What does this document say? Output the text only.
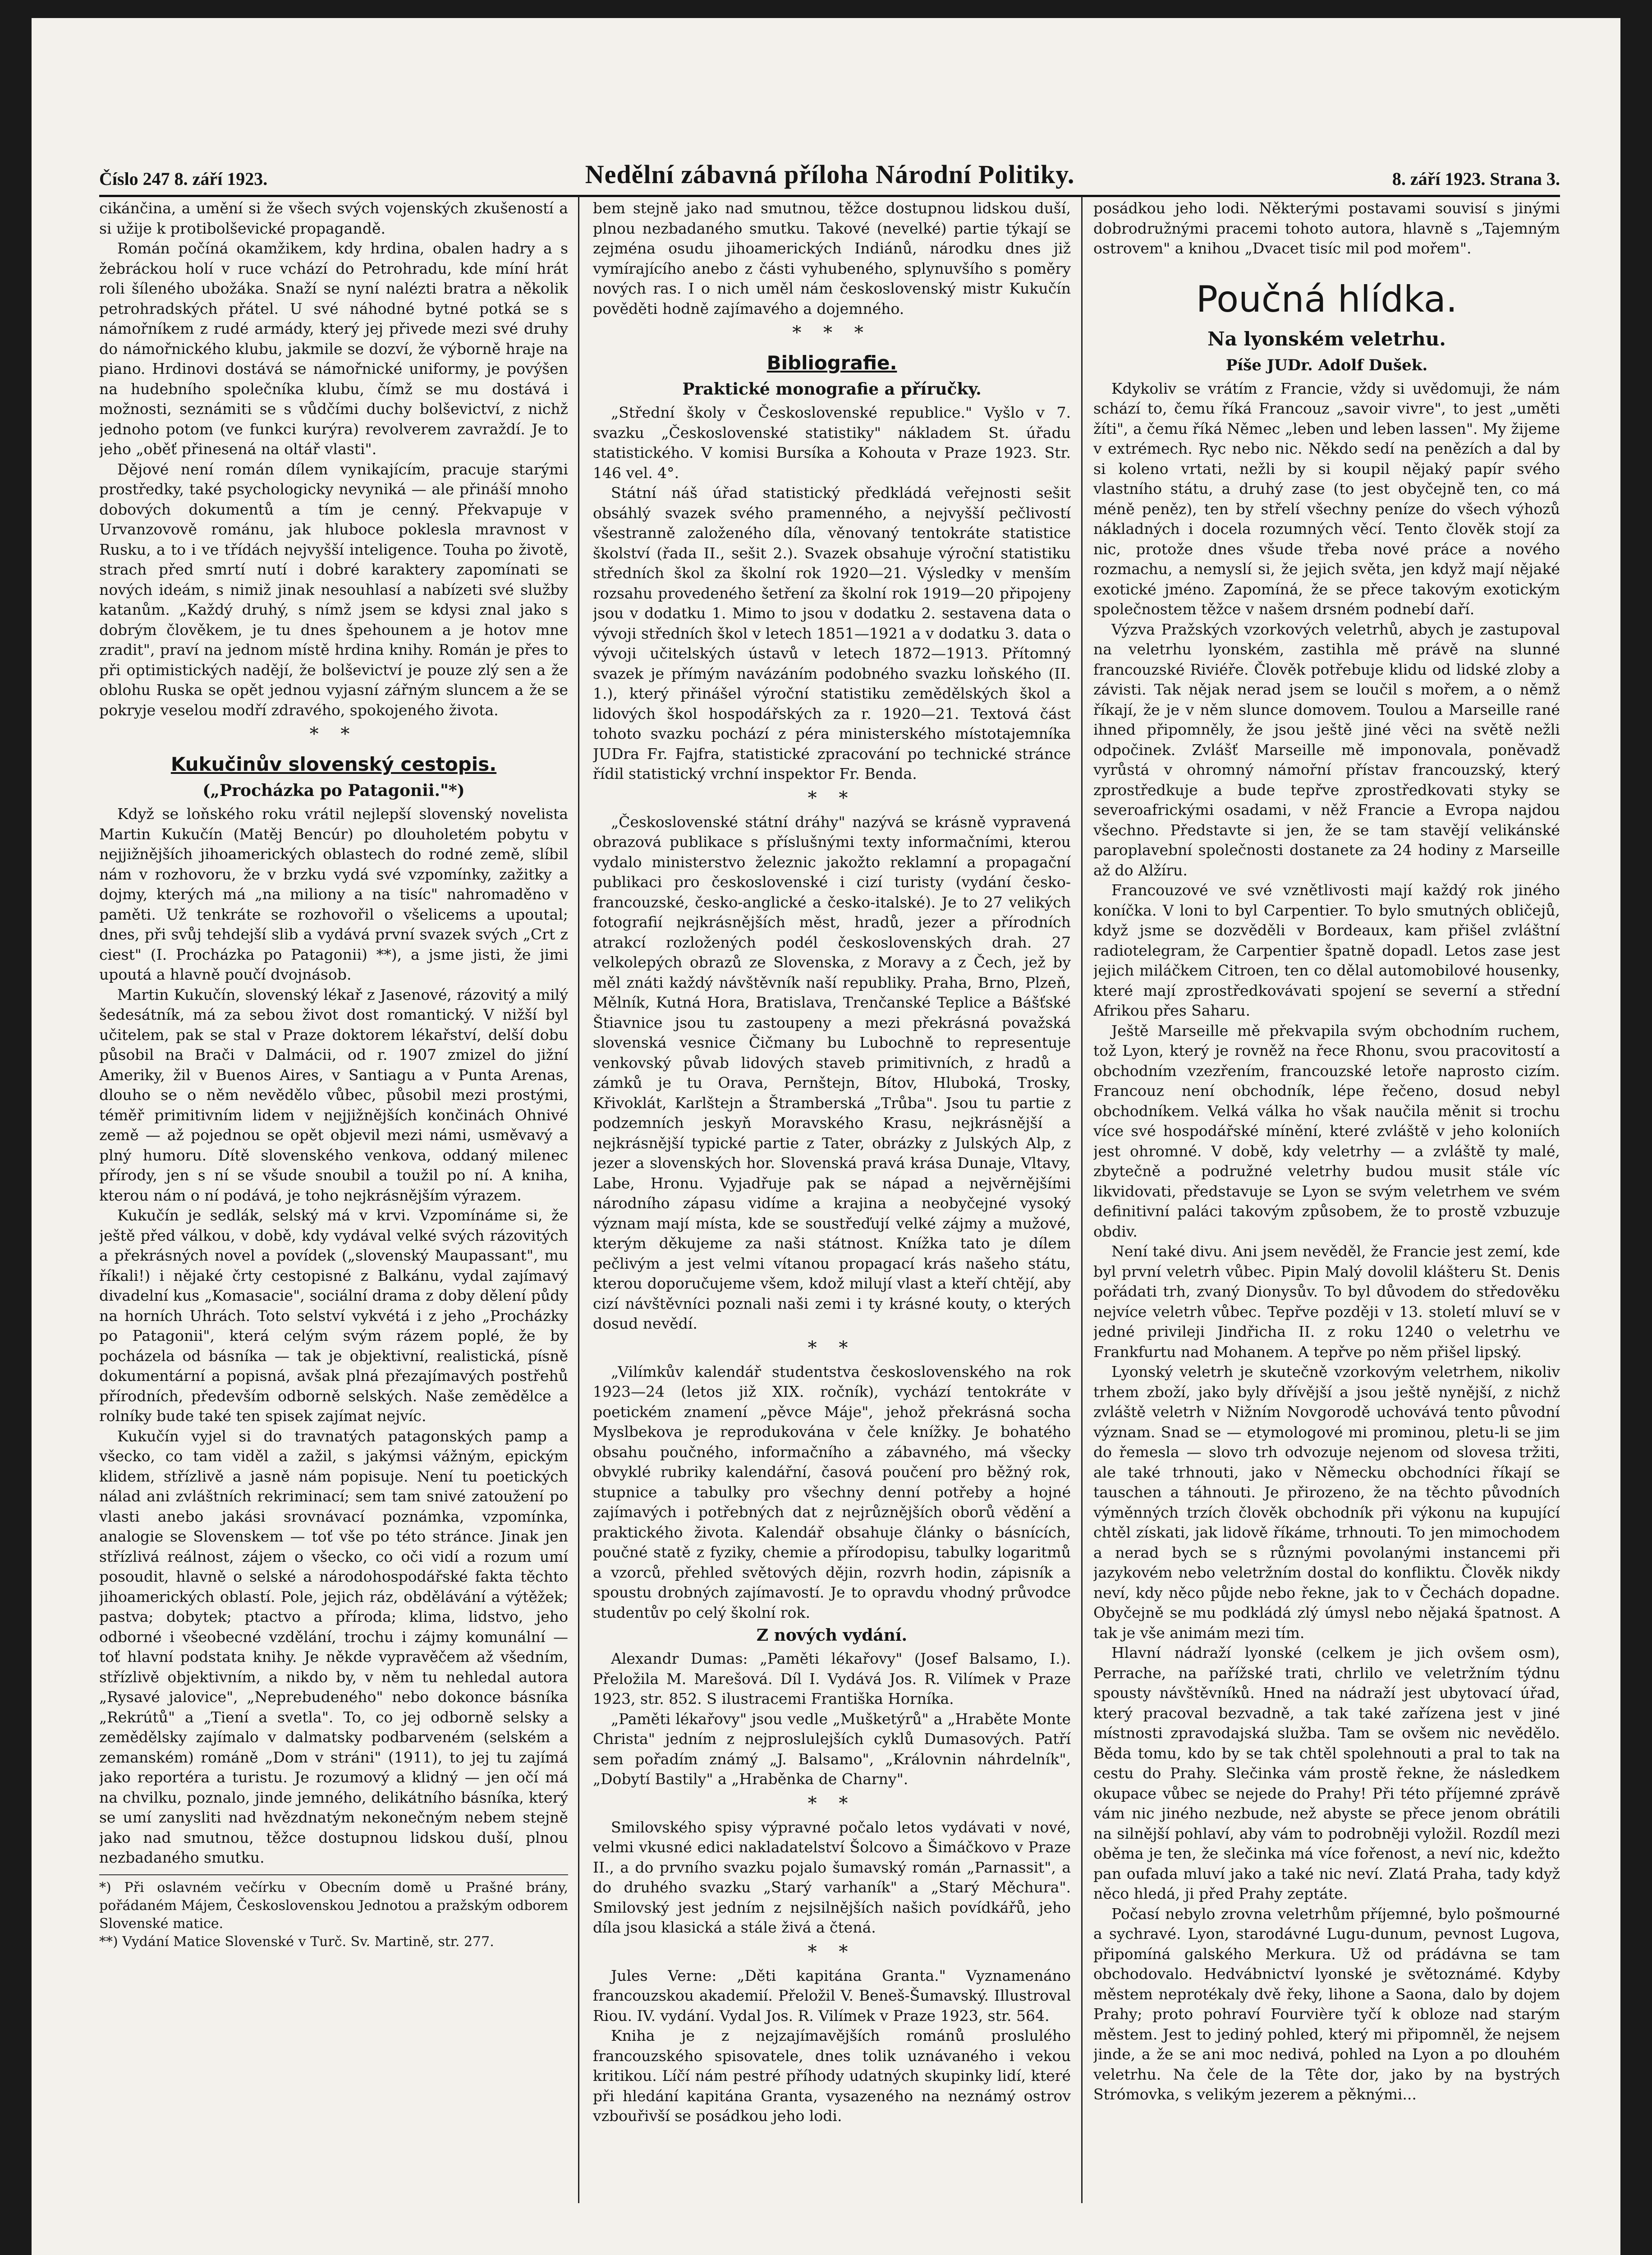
Číslo 247 8. září 1923.	Nedělní zábavná příloha Národní Politiky.	8. září 1923. Strana 3.

cikánčina, a umění si že všech svých vojenských zkušeností a si užije k protibolševické propagandě.

Román počíná okamžikem, kdy hrdina, obalen hadry a s žebráckou holí v ruce vchází do Petrohradu, kde míní hrát roli šíleného ubožáka. Snaží se nyní nalézti bratra a několik petrohradských přátel. U své náhodné bytné potká se s námořníkem z rudé armády, který jej přivede mezi své druhy do námořnického klubu, jakmile se dozví, že výborně hraje na piano. Hrdinovi dostává se námořnické uniformy, je povýšen na hudebního společníka klubu, čímž se mu dostává i možnosti, seznámiti se s vůdčími duchy bolševictví, z nichž jednoho potom (ve funkci kurýra) revolverem zavraždí. Je to jeho „oběť přinesená na oltář vlasti".

Dějové není román dílem vynikajícím, pracuje starými prostředky, také psychologicky nevyniká — ale přináší mnoho dobových dokumentů a tím je cenný. Překvapuje v Urvanzovově románu, jak hluboce poklesla mravnost v Rusku, a to i ve třídách nejvyšší inteligence. Touha po životě, strach před smrtí nutí i dobré karaktery zapomínati se nových ideám, s nimiž jinak nesouhlasí a nabízeti své služby katanům. „Každý druhý, s nímž jsem se kdysi znal jako s dobrým člověkem, je tu dnes špehounem a je hotov mne zradit", praví na jednom místě hrdina knihy. Román je přes to při optimistických nadějí, že bolševictví je pouze zlý sen a že oblohu Ruska se opět jednou vyjasní zářným sluncem a že se pokryje veselou modří zdravého, spokojeného života.

* *
Kukučinův slovenský cestopis.
(„Procházka po Patagonii."*)

Když se loňského roku vrátil nejlepší slovenský novelista Martin Kukučín (Matěj Bencúr) po dlouholetém pobytu v nejjižnějších jihoamerických oblastech do rodné země, slíbil nám v rozhovoru, že v brzku vydá své vzpomínky, zažitky a dojmy, kterých má „na miliony a na tisíc" nahromaděno v paměti. Už tenkráte se rozhovořil o všelicems a upoutal; dnes, při svůj tehdejší slib a vydává první svazek svých „Crt z ciest" (I. Procházka po Patagonii) **), a jsme jisti, že jimi upoutá a hlavně poučí dvojnásob.

Martin Kukučín, slovenský lékař z Jasenové, rázovitý a milý šedesátník, má za sebou život dost romantický. V nižší byl učitelem, pak se stal v Praze doktorem lékařství, delší dobu působil na Brači v Dalmácii, od r. 1907 zmizel do jižní Ameriky, žil v Buenos Aires, v Santiagu a v Punta Arenas, dlouho se o něm nevědělo vůbec, působil mezi prostými, téměř primitivním lidem v nejjižnějších končinách Ohnivé země — až pojednou se opět objevil mezi námi, usměvavý a plný humoru. Dítě slovenského venkova, oddaný milenec přírody, jen s ní se všude snoubil a toužil po ní. A kniha, kterou nám o ní podává, je toho nejkrásnějším výrazem.

Kukučín je sedlák, selský má v krvi. Vzpomínáme si, že ještě před válkou, v době, kdy vydával velké svých rázovitých a překrásných novel a povídek („slovenský Maupassant", mu říkali!) i nějaké črty cestopisné z Balkánu, vydal zajímavý divadelní kus „Komasacie", sociální drama z doby dělení půdy na horních Uhrách. Toto selství vykvétá i z jeho „Procházky po Patagonii", která celým svým rázem poplé, že by pocházela od básníka — tak je objektivní, realistická, písně dokumentární a popisná, avšak plná přezajímavých postřehů přírodních, především odborně selských. Naše zemědělce a rolníky bude také ten spisek zajímat nejvíc.

Kukučín vyjel si do travnatých patagonských pamp a všecko, co tam viděl a zažil, s jakýmsi vážným, epickým klidem, střízlivě a jasně nám popisuje. Není tu poetických nálad ani zvláštních rekriminací; sem tam snivé zatoužení po vlasti anebo jakási srovnávací poznámka, vzpomínka, analogie se Slovenskem — toť vše po této stránce. Jinak jen střízlivá reálnost, zájem o všecko, co oči vidí a rozum umí posoudit, hlavně o selské a národohospodářské fakta těchto jihoamerických oblastí. Pole, jejich ráz, obdělávání a výtěžek; pastva; dobytek; ptactvo a příroda; klima, lidstvo, jeho odborné i všeobecné vzdělání, trochu i zájmy komunální — toť hlavní podstata knihy. Je někde vypravěčem až všedním, střízlivě objektivním, a nikdo by, v něm tu nehledal autora „Rysavé jalovice", „Neprebudeného" nebo dokonce básníka „Rekrútů" a „Tiení a svetla". To, co jej odborně selsky a zemědělsky zajímalo v dalmatsky podbarveném (selském a zemanském) románě „Dom v stráni" (1911), to jej tu zajímá jako reportéra a turistu. Je rozumový a klidný — jen očí má na chvilku, poznalo, jinde jemného, delikátního básníka, který se umí zanysliti nad hvězdnatým nekonečným nebem stejně jako nad smutnou, těžce dostupnou lidskou duší, plnou nezbadaného smutku.

*) Při oslavném večírku v Obecním domě u Prašné brány, pořádaném Májem, Československou Jednotou a pražským odborem Slovenské matice.

**) Vydání Matice Slovenské v Turč. Sv. Martině, str. 277.

bem stejně jako nad smutnou, těžce dostupnou lidskou duší, plnou nezbadaného smutku. Takové (nevelké) partie týkají se zejména osudu jihoamerických Indiánů, národku dnes již vymírajícího anebo z části vyhubeného, splynuvšího s poměry nových ras. I o nich uměl nám československý mistr Kukučín pověděti hodně zajímavého a dojemného.

* * *
Bibliografie.
Praktické monografie a příručky.

„Střední školy v Československé republice." Vyšlo v 7. svazku „Československé statistiky" nákladem St. úřadu statistického. V komisi Bursíka a Kohouta v Praze 1923. Str. 146 vel. 4°.

Státní náš úřad statistický předkládá veřejnosti sešit obsáhlý svazek svého pramenného, a nejvyšší pečlivostí všestranně založeného díla, věnovaný tentokráte statistice školství (řada II., sešit 2.). Svazek obsahuje výroční statistiku středních škol za školní rok 1920—21. Výsledky v menším rozsahu provedeného šetření za školní rok 1919—20 připojeny jsou v dodatku 1. Mimo to jsou v dodatku 2. sestavena data o vývoji středních škol v letech 1851—1921 a v dodatku 3. data o vývoji učitelských ústavů v letech 1872—1913. Přítomný svazek je přímým navázáním podobného svazku loňského (II. 1.), který přinášel výroční statistiku zemědělských škol a lidových škol hospodářských za r. 1920—21. Textová část tohoto svazku pochází z péra ministerského místotajemníka JUDra Fr. Fajfra, statistické zpracování po technické stránce řídil statistický vrchní inspektor Fr. Benda.

* *

„Československé státní dráhy" nazývá se krásně vypravená obrazová publikace s příslušnými texty informačními, kterou vydalo ministerstvo železnic jakožto reklamní a propagační publikaci pro československé i cizí turisty (vydání česko-francouzské, česko-anglické a česko-italské). Je to 27 velikých fotografií nejkrásnějších měst, hradů, jezer a přírodních atrakcí rozložených podél československých drah. 27 velkolepých obrazů ze Slovenska, z Moravy a z Čech, jež by měl znáti každý návštěvník naší republiky. Praha, Brno, Plzeň, Mělník, Kutná Hora, Bratislava, Trenčanské Teplice a Bášťské Štiavnice jsou tu zastoupeny a mezi překrásná považská slovenská vesnice Čičmany bu Lubochně to representuje venkovský půvab lidových staveb primitivních, z hradů a zámků je tu Orava, Pernštejn, Bítov, Hluboká, Trosky, Křivoklát, Karlštejn a Štramberská „Trůba". Jsou tu partie z podzemních jeskyň Moravského Krasu, nejkrásnější a nejkrásnější typické partie z Tater, obrázky z Julských Alp, z jezer a slovenských hor. Slovenská pravá krása Dunaje, Vltavy, Labe, Hronu. Vyjadřuje pak se nápad a nejvěrnějšími národního zápasu vidíme a krajina a neobyčejné vysoký význam mají místa, kde se soustřeďují velké zájmy a mužové, kterým děkujeme za naši státnost. Knížka tato je dílem pečlivým a jest velmi vítanou propagací krás našeho státu, kterou doporučujeme všem, kdož milují vlast a kteří chtějí, aby cizí návštěvníci poznali naši zemi i ty krásné kouty, o kterých dosud nevědí.

* *

„Vilímkův kalendář studentstva československého na rok 1923—24 (letos již XIX. ročník), vychází tentokráte v poetickém znamení „pěvce Máje", jehož překrásná socha Myslbekova je reprodukována v čele knížky. Je bohatého obsahu poučného, informačního a zábavného, má všecky obvyklé rubriky kalendářní, časová poučení pro běžný rok, stupnice a tabulky pro všechny denní potřeby a hojné zajímavých i potřebných dat z nejrůznějších oborů vědění a praktického života. Kalendář obsahuje články o básnících, poučné statě z fyziky, chemie a přírodopisu, tabulky logaritmů a vzorců, přehled světových dějin, rozvrh hodin, zápisník a spoustu drobných zajímavostí. Je to opravdu vhodný průvodce studentův po celý školní rok.

Z nových vydání.

Alexandr Dumas: „Paměti lékařovy" (Josef Balsamo, I.). Přeložila M. Marešová. Díl I. Vydává Jos. R. Vilímek v Praze 1923, str. 852. S ilustracemi Františka Horníka.

„Paměti lékařovy" jsou vedle „Mušketýrů" a „Hraběte Monte Christa" jedním z nejproslulejších cyklů Dumasových. Patří sem pořadím známý „J. Balsamo", „Královnin náhrdelník", „Dobytí Bastily" a „Hraběnka de Charny".

* *

Smilovského spisy výpravné počalo letos vydávati v nové, velmi vkusné edici nakladatelství Šolcovo a Šimáčkovo v Praze II., a do prvního svazku pojalo šumavský román „Parnassit", a do druhého svazku „Starý varhaník" a „Starý Měchura". Smilovský jest jedním z nejsilnějších našich povídkářů, jeho díla jsou klasická a stále živá a čtená.

* *

Jules Verne: „Děti kapitána Granta." Vyznamenáno francouzskou akademií. Přeložil V. Beneš-Šumavský. Illustroval Riou. IV. vydání. Vydal Jos. R. Vilímek v Praze 1923, str. 564.

Kniha je z nejzajímavějších románů proslulého francouzského spisovatele, dnes tolik uznávaného i vekou kritikou. Líčí nám pestré příhody udatných skupinky lidí, které při hledání kapitána Granta, vysazeného na neznámý ostrov vzbouřivší se posádkou jeho lodi.

posádkou jeho lodi. Některými postavami souvisí s jinými dobrodružnými pracemi tohoto autora, hlavně s „Tajemným ostrovem" a knihou „Dvacet tisíc mil pod mořem".

Poučná hlídka.
Na lyonském veletrhu.
Píše JUDr. Adolf Dušek.

Kdykoliv se vrátím z Francie, vždy si uvědomuji, že nám schází to, čemu říká Francouz „savoir vivre", to jest „uměti žíti", a čemu říká Němec „leben und leben lassen". My žijeme v extrémech. Ryc nebo nic. Někdo sedí na penězích a dal by si koleno vrtati, nežli by si koupil nějaký papír svého vlastního státu, a druhý zase (to jest obyčejně ten, co má méně peněz), ten by střelí všechny peníze do všech výhozů nákladných i docela rozumných věcí. Tento člověk stojí za nic, protože dnes všude třeba nové práce a nového rozmachu, a nemyslí si, že jejich světa, jen když mají nějaké exotické jméno. Zapomíná, že se přece takovým exotickým společnostem těžce v našem drsném podnebí daří.

Výzva Pražských vzorkových veletrhů, abych je zastupoval na veletrhu lyonském, zastihla mě právě na slunné francouzské Riviéře. Člověk potřebuje klidu od lidské zloby a závisti. Tak nějak nerad jsem se loučil s mořem, a o němž říkají, že je v něm slunce domovem. Toulou a Marseille rané ihned připomněly, že jsou ještě jiné věci na světě nežli odpočinek. Zvlášť Marseille mě imponovala, poněvadž vyrůstá v ohromný námořní přístav francouzský, který zprostředkuje a bude tepřve zprostředkovati styky se severoafrickými osadami, v něž Francie a Evropa najdou všechno. Představte si jen, že se tam stavějí velikánské paroplavební společnosti dostanete za 24 hodiny z Marseille až do Alžíru.

Francouzové ve své vznětlivosti mají každý rok jiného koníčka. V loni to byl Carpentier. To bylo smutných obličejů, když jsme se dozvěděli v Bordeaux, kam přišel zvláštní radiotelegram, že Carpentier špatně dopadl. Letos zase jest jejich miláčkem Citroen, ten co dělal automobilové housenky, které mají zprostředkovávati spojení se severní a střední Afrikou přes Saharu.

Ještě Marseille mě překvapila svým obchodním ruchem, tož Lyon, který je rovněž na řece Rhonu, svou pracovitostí a obchodním vzezřením, francouzské letoře naprosto cizím. Francouz není obchodník, lépe řečeno, dosud nebyl obchodníkem. Velká válka ho však naučila měnit si trochu více své hospodářské mínění, které zvláště v jeho koloniích jest ohromné. V době, kdy veletrhy — a zvláště ty malé, zbytečně a podružné veletrhy budou musit stále víc likvidovati, představuje se Lyon se svým veletrhem ve svém definitivní paláci takovým způsobem, že to prostě vzbuzuje obdiv.

Není také divu. Ani jsem nevěděl, že Francie jest zemí, kde byl první veletrh vůbec. Pipin Malý dovolil klášteru St. Denis pořádati trh, zvaný Dionysův. To byl důvodem do středověku nejvíce veletrh vůbec. Tepřve později v 13. století mluví se v jedné privileji Jindřicha II. z roku 1240 o veletrhu ve Frankfurtu nad Mohanem. A tepřve po něm přišel lipský.

Lyonský veletrh je skutečně vzorkovým veletrhem, nikoliv trhem zboží, jako byly dřívější a jsou ještě nynější, z nichž zvláště veletrh v Nižním Novgorodě uchovává tento původní význam. Snad se — etymologové mi prominou, pletu-li se jim do řemesla — slovo trh odvozuje nejenom od slovesa tržiti, ale také trhnouti, jako v Německu obchodníci říkají se tauschen a táhnouti. Je přirozeno, že na těchto původních výměnných trzích člověk obchodník při výkonu na kupující chtěl získati, jak lidově říkáme, trhnouti. To jen mimochodem a nerad bych se s různými povolanými instancemi při jazykovém nebo veletržním dostal do konfliktu. Člověk nikdy neví, kdy něco půjde nebo řekne, jak to v Čechách dopadne. Obyčejně se mu podkládá zlý úmysl nebo nějaká špatnost. A tak je vše animám mezi tím.

Hlavní nádraží lyonské (celkem je jich ovšem osm), Perrache, na pařížské trati, chrlilo ve veletržním týdnu spousty návštěvníků. Hned na nádraží jest ubytovací úřad, který pracoval bezvadně, a tak také zařízena jest v jiné místnosti zpravodajská služba. Tam se ovšem nic nevědělo. Běda tomu, kdo by se tak chtěl spolehnouti a pral to tak na cestu do Prahy. Slečinka vám prostě řekne, že následkem okupace vůbec se nejede do Prahy! Při této příjemné zprávě vám nic jiného nezbude, než abyste se přece jenom obrátili na silnější pohlaví, aby vám to podrobněji vyložil. Rozdíl mezi oběma je ten, že slečinka má více fořenost, a neví nic, kdežto pan oufada mluví jako a také nic neví. Zlatá Praha, tady když něco hledá, ji před Prahy zeptáte.

Počasí nebylo zrovna veletrhům příjemné, bylo pošmourné a sychravé. Lyon, starodávné Lugu-dunum, pevnost Lugova, připomíná galského Merkura. Už od prádávna se tam obchodovalo. Hedvábnictví lyonské je světoznámé. Kdyby městem neprotékaly dvě řeky, lihone a Saona, dalo by dojem Prahy; proto pohraví Fourvière tyčí k obloze nad starým městem. Jest to jediný pohled, který mi připomněl, že nejsem jinde, a že se ani moc nedivá, pohled na Lyon a po dlouhém veletrhu. Na čele de la Tête dor, jako by na bystrých Strómovka, s velikým jezerem a pěknými...
